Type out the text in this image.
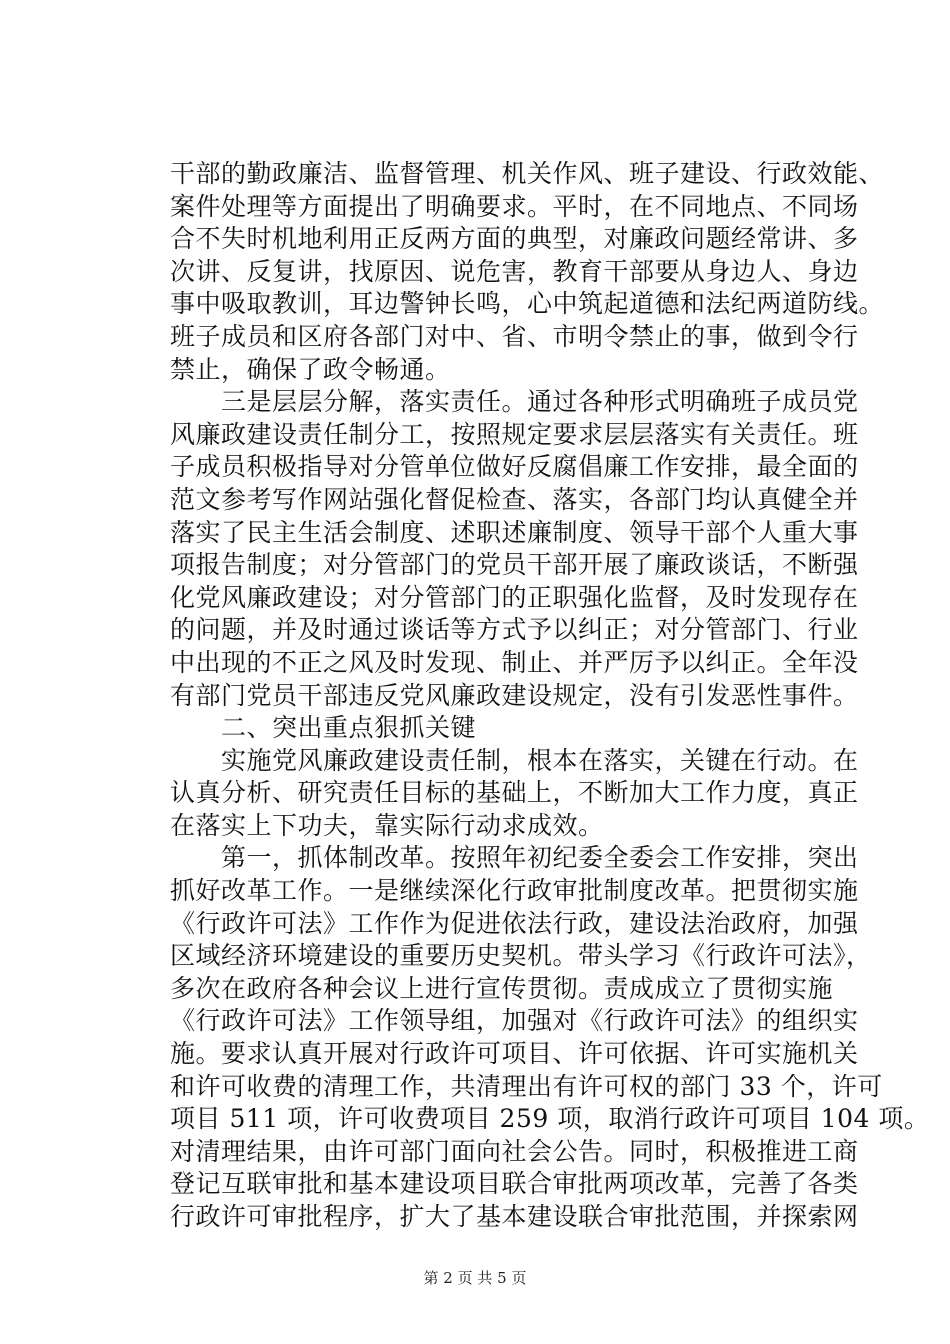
干部的勤政廉洁、监督管理、机关作风、班子建设、行政效能、
案件处理等方面提出了明确要求。平时，在不同地点、不同场
合不失时机地利用正反两方面的典型，对廉政问题经常讲、多
次讲、反复讲，找原因、说危害，教育干部要从身边人、身边
事中吸取教训，耳边警钟长鸣，心中筑起道德和法纪两道防线。
班子成员和区府各部门对中、省、市明令禁止的事，做到令行
禁止，确保了政令畅通。
　　三是层层分解，落实责任。通过各种形式明确班子成员党
风廉政建设责任制分工，按照规定要求层层落实有关责任。班
子成员积极指导对分管单位做好反腐倡廉工作安排，最全面的
范文参考写作网站强化督促检查、落实，各部门均认真健全并
落实了民主生活会制度、述职述廉制度、领导干部个人重大事
项报告制度；对分管部门的党员干部开展了廉政谈话，不断强
化党风廉政建设；对分管部门的正职强化监督，及时发现存在
的问题，并及时通过谈话等方式予以纠正；对分管部门、行业
中出现的不正之风及时发现、制止、并严厉予以纠正。全年没
有部门党员干部违反党风廉政建设规定，没有引发恶性事件。
　　二、突出重点狠抓关键
　　实施党风廉政建设责任制，根本在落实，关键在行动。在
认真分析、研究责任目标的基础上，不断加大工作力度，真正
在落实上下功夫，靠实际行动求成效。
　　第一，抓体制改革。按照年初纪委全委会工作安排，突出
抓好改革工作。一是继续深化行政审批制度改革。把贯彻实施
《行政许可法》工作作为促进依法行政，建设法治政府，加强
区域经济环境建设的重要历史契机。带头学习《行政许可法》，
多次在政府各种会议上进行宣传贯彻。责成成立了贯彻实施
《行政许可法》工作领导组，加强对《行政许可法》的组织实
施。要求认真开展对行政许可项目、许可依据、许可实施机关
和许可收费的清理工作，共清理出有许可权的部门 33 个，许可
项目 511 项，许可收费项目 259 项，取消行政许可项目 104 项。
对清理结果，由许可部门面向社会公告。同时，积极推进工商
登记互联审批和基本建设项目联合审批两项改革，完善了各类
行政许可审批程序，扩大了基本建设联合审批范围，并探索网
第 2 页 共 5 页
